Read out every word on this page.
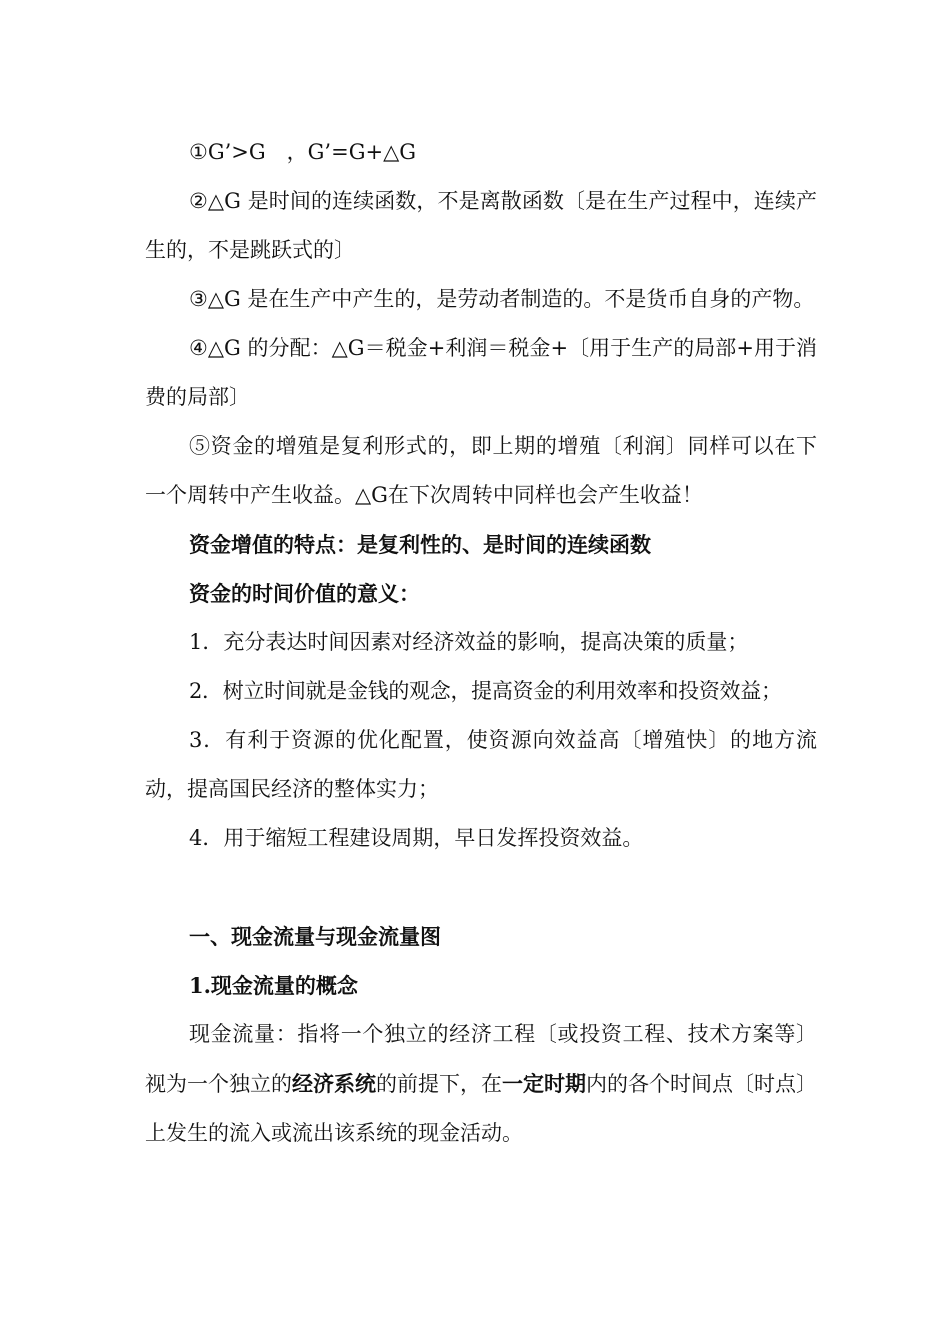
①G’>G　，G’=G+△G

②△G 是时间的连续函数，不是离散函数〔是在生产过程中，连续产生的，不是跳跃式的〕

③△G 是在生产中产生的，是劳动者制造的。不是货币自身的产物。

④△G 的分配：△G＝税金+利润＝税金+〔用于生产的局部+用于消费的局部〕

⑤资金的增殖是复利形式的，即上期的增殖〔利润〕同样可以在下一个周转中产生收益。△G在下次周转中同样也会产生收益！

资金增值的特点：是复利性的、是时间的连续函数

资金的时间价值的意义：

1．充分表达时间因素对经济效益的影响，提高决策的质量；

2．树立时间就是金钱的观念，提高资金的利用效率和投资效益；

3．有利于资源的优化配置，使资源向效益高〔增殖快〕的地方流动，提高国民经济的整体实力；

4．用于缩短工程建设周期，早日发挥投资效益。

一、现金流量与现金流量图

1.现金流量的概念

现金流量：指将一个独立的经济工程〔或投资工程、技术方案等〕视为一个独立的经济系统的前提下，在一定时期内的各个时间点〔时点〕上发生的流入或流出该系统的现金活动。
